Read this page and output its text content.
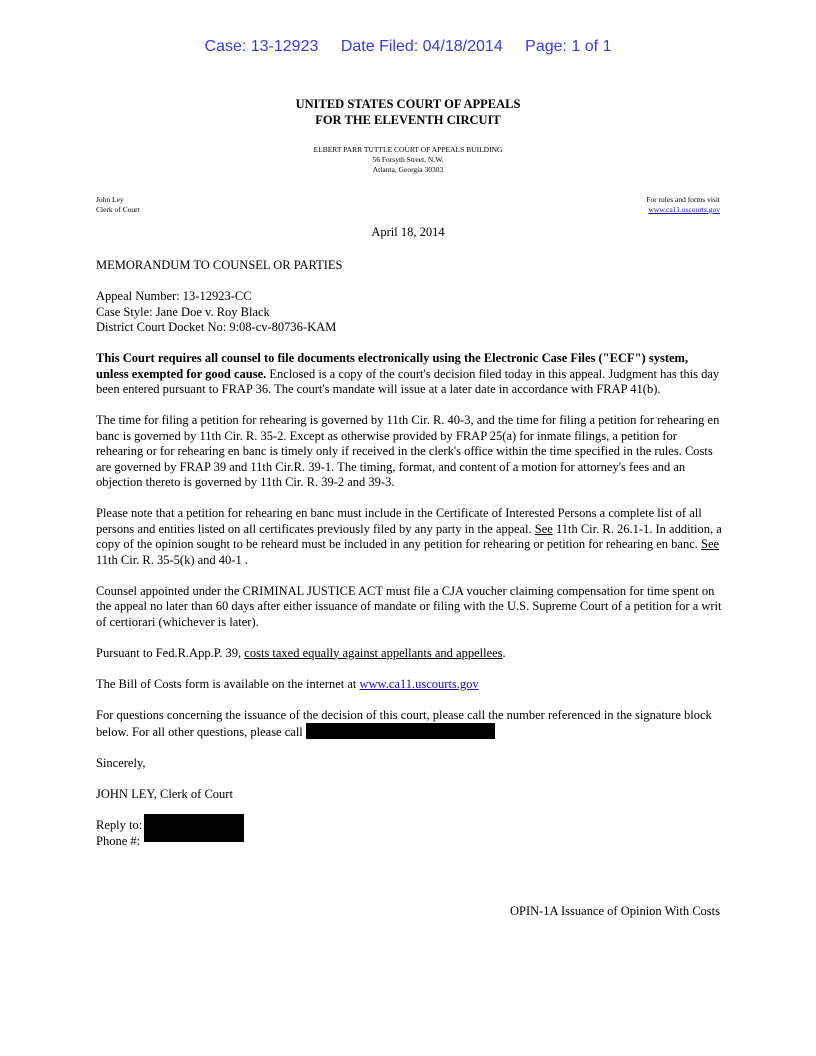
Case: 13-12923 Date Filed: 04/18/2014 Page: 1 of 1
UNITED STATES COURT OF APPEALS
FOR THE ELEVENTH CIRCUIT
ELBERT PARR TUTTLE COURT OF APPEALS BUILDING
56 Forsyth Street, N.W.
Atlanta, Georgia 30303
John Ley
Clerk of Court
For rules and forms visit
www.ca11.uscourts.gov
April 18, 2014

MEMORANDUM TO COUNSEL OR PARTIES

Appeal Number: 13-12923-CC
Case Style: Jane Doe v. Roy Black
District Court Docket No: 9:08-cv-80736-KAM

This Court requires all counsel to file documents electronically using the Electronic Case Files ("ECF") system, unless exempted for good cause. Enclosed is a copy of the court's decision filed today in this appeal. Judgment has this day been entered pursuant to FRAP 36. The court's mandate will issue at a later date in accordance with FRAP 41(b).

The time for filing a petition for rehearing is governed by 11th Cir. R. 40-3, and the time for filing a petition for rehearing en banc is governed by 11th Cir. R. 35-2. Except as otherwise provided by FRAP 25(a) for inmate filings, a petition for rehearing or for rehearing en banc is timely only if received in the clerk's office within the time specified in the rules. Costs are governed by FRAP 39 and 11th Cir.R. 39-1. The timing, format, and content of a motion for attorney's fees and an objection thereto is governed by 11th Cir. R. 39-2 and 39-3.

Please note that a petition for rehearing en banc must include in the Certificate of Interested Persons a complete list of all persons and entities listed on all certificates previously filed by any party in the appeal. See 11th Cir. R. 26.1-1. In addition, a copy of the opinion sought to be reheard must be included in any petition for rehearing or petition for rehearing en banc. See 11th Cir. R. 35-5(k) and 40-1 .

Counsel appointed under the CRIMINAL JUSTICE ACT must file a CJA voucher claiming compensation for time spent on the appeal no later than 60 days after either issuance of mandate or filing with the U.S. Supreme Court of a petition for a writ of certiorari (whichever is later).

Pursuant to Fed.R.App.P. 39, costs taxed equally against appellants and appellees.

The Bill of Costs form is available on the internet at www.ca11.uscourts.gov

For questions concerning the issuance of the decision of this court, please call the number referenced in the signature block below. For all other questions, please call

Sincerely,

JOHN LEY, Clerk of Court

Reply to:
Phone #:
OPIN-1A Issuance of Opinion With Costs
